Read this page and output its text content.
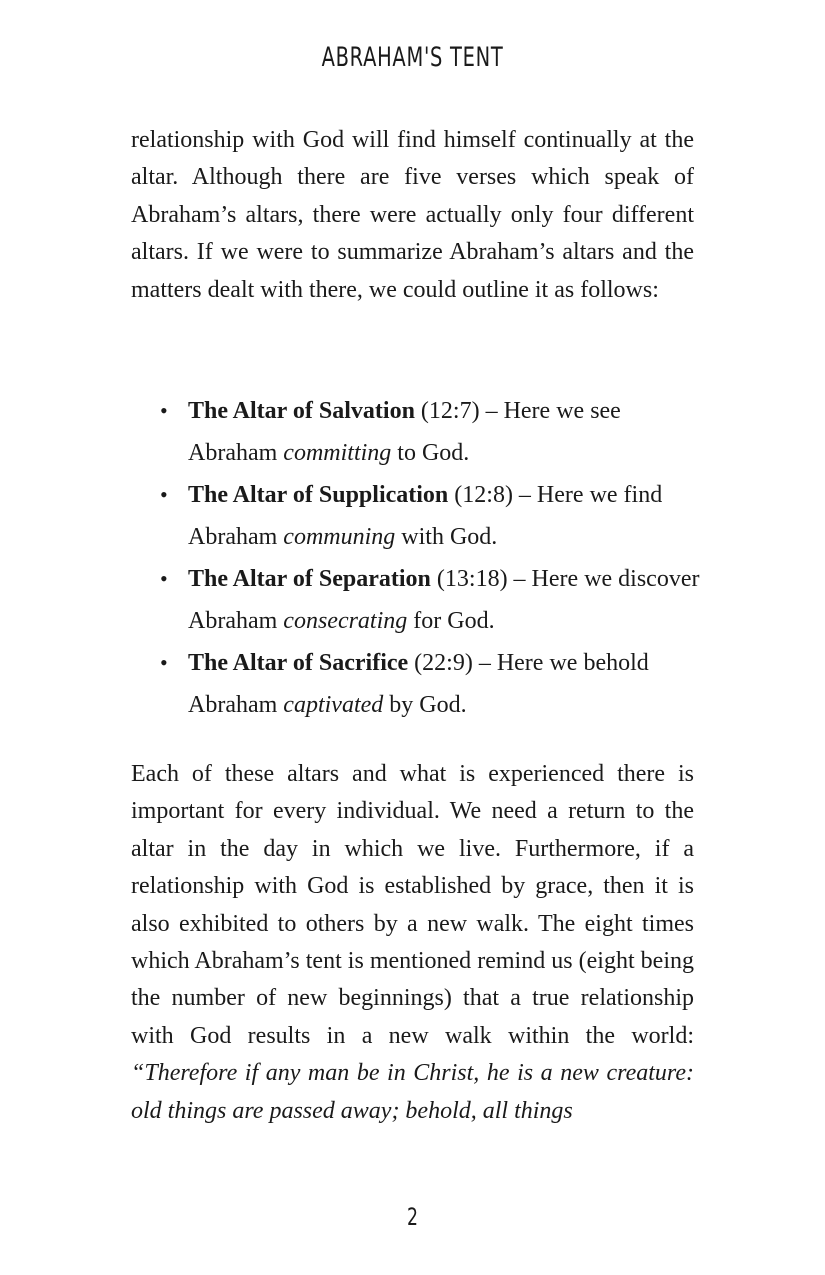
ABRAHAM'S TENT

relationship with God will find himself continually at the altar. Although there are five verses which speak of Abraham’s altars, there were actually only four different altars. If we were to summarize Abraham’s altars and the matters dealt with there, we could outline it as follows:

• The Altar of Salvation (12:7) – Here we see Abraham committing to God.
• The Altar of Supplication (12:8) – Here we find Abraham communing with God.
• The Altar of Separation (13:18) – Here we discover Abraham consecrating for God.
• The Altar of Sacrifice (22:9) – Here we behold Abraham captivated by God.

Each of these altars and what is experienced there is important for every individual. We need a return to the altar in the day in which we live. Furthermore, if a relationship with God is established by grace, then it is also exhibited to others by a new walk. The eight times which Abraham’s tent is mentioned remind us (eight being the number of new beginnings) that a true relationship with God results in a new walk within the world: “Therefore if any man be in Christ, he is a new creature: old things are passed away; behold, all things

2
